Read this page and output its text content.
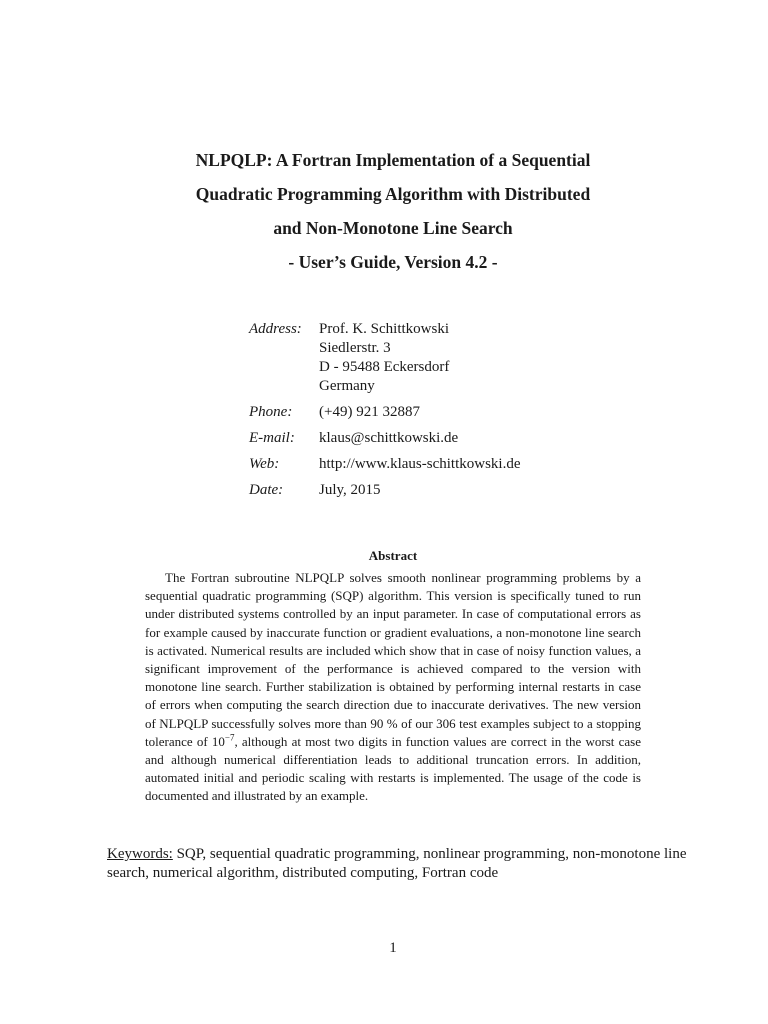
NLPQLP: A Fortran Implementation of a Sequential
Quadratic Programming Algorithm with Distributed
and Non-Monotone Line Search
- User’s Guide, Version 4.2 -
Address:	Prof. K. Schittkowski
Siedlerstr. 3
D - 95488 Eckersdorf
Germany
Phone:	(+49) 921 32887
E-mail:	klaus@schittkowski.de
Web:	http://www.klaus-schittkowski.de
Date:	July, 2015
Abstract
The Fortran subroutine NLPQLP solves smooth nonlinear programming problems by a sequential quadratic programming (SQP) algorithm. This version is specifically tuned to run under distributed systems controlled by an input parameter. In case of computational errors as for example caused by inaccurate function or gradient evaluations, a non-monotone line search is activated. Numerical results are included which show that in case of noisy function values, a significant improvement of the performance is achieved compared to the version with monotone line search. Further stabilization is obtained by performing internal restarts in case of errors when computing the search direction due to inaccurate derivatives. The new version of NLPQLP successfully solves more than 90 % of our 306 test examples subject to a stopping tolerance of $10^{-7}$, although at most two digits in function values are correct in the worst case and although numerical differentiation leads to additional truncation errors. In addition, automated initial and periodic scaling with restarts is implemented. The usage of the code is documented and illustrated by an example.
Keywords: SQP, sequential quadratic programming, nonlinear programming, non-monotone line search, numerical algorithm, distributed computing, Fortran code
1
